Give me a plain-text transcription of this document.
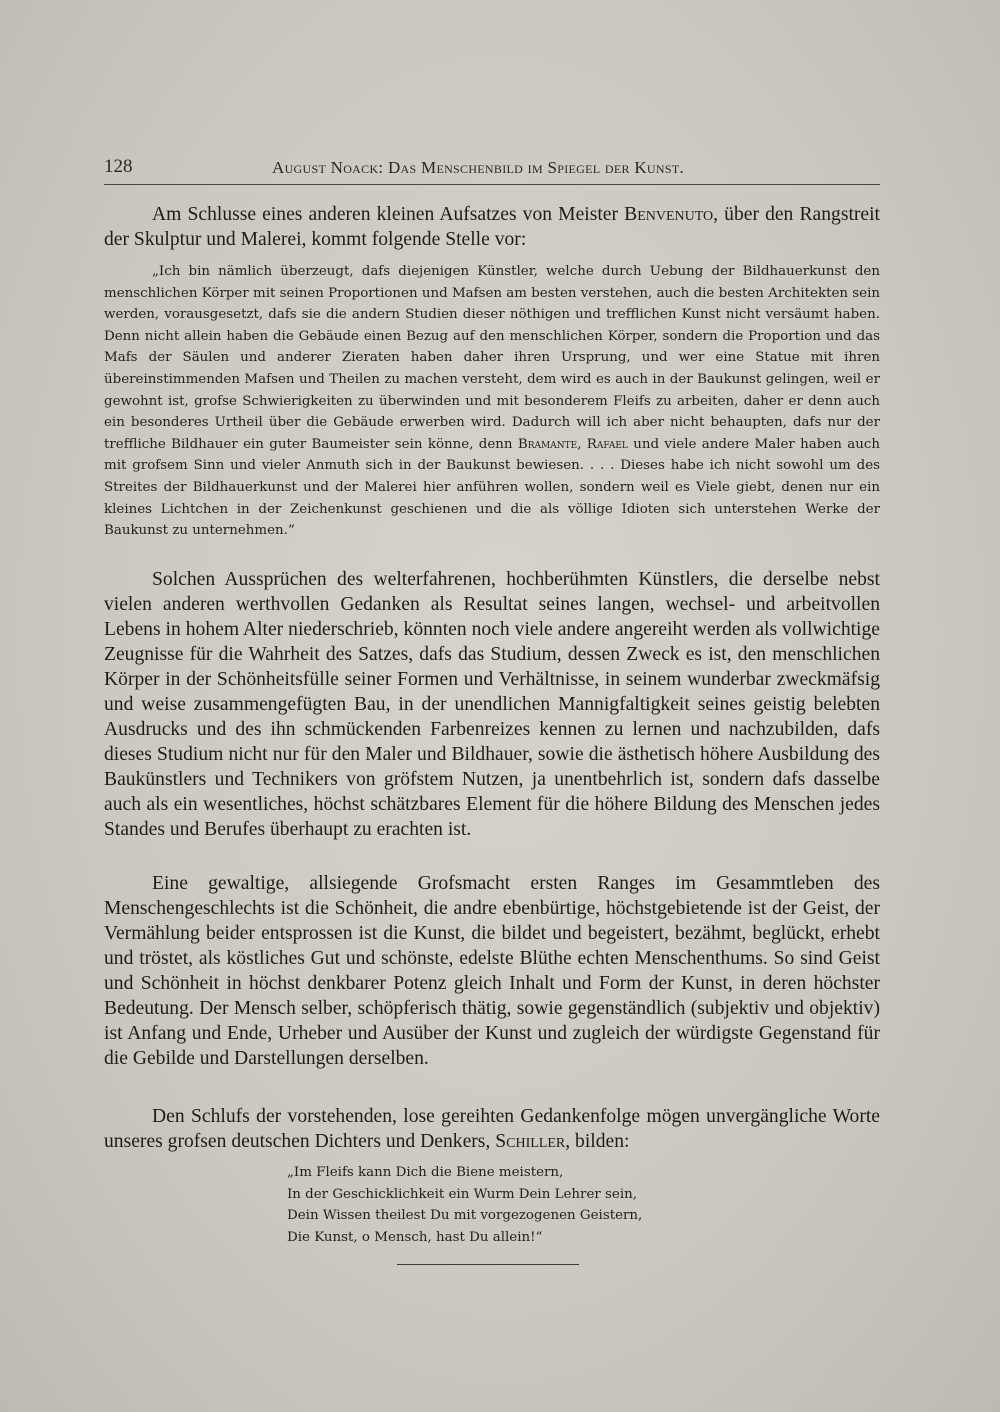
128	August Noack: Das Menschenbild im Spiegel der Kunst.
Am Schlusse eines anderen kleinen Aufsatzes von Meister Benvenuto, über den Rangstreit der Skulptur und Malerei, kommt folgende Stelle vor:
„Ich bin nämlich überzeugt, dafs diejenigen Künstler, welche durch Uebung der Bildhauerkunst den menschlichen Körper mit seinen Proportionen und Mafsen am besten verstehen, auch die besten Architekten sein werden, vorausgesetzt, dafs sie die andern Studien dieser nöthigen und trefflichen Kunst nicht versäumt haben. Denn nicht allein haben die Gebäude einen Bezug auf den menschlichen Körper, sondern die Proportion und das Mafs der Säulen und anderer Zieraten haben daher ihren Ursprung, und wer eine Statue mit ihren übereinstimmenden Mafsen und Theilen zu machen versteht, dem wird es auch in der Baukunst gelingen, weil er gewohnt ist, grofse Schwierigkeiten zu überwinden und mit besonderem Fleifs zu arbeiten, daher er denn auch ein besonderes Urtheil über die Gebäude erwerben wird. Dadurch will ich aber nicht behaupten, dafs nur der treffliche Bildhauer ein guter Baumeister sein könne, denn Bramante, Rafael und viele andere Maler haben auch mit grofsem Sinn und vieler Anmuth sich in der Baukunst bewiesen. . . . Dieses habe ich nicht sowohl um des Streites der Bildhauerkunst und der Malerei hier anführen wollen, sondern weil es Viele giebt, denen nur ein kleines Lichtchen in der Zeichenkunst geschienen und die als völlige Idioten sich unterstehen Werke der Baukunst zu unternehmen.“
Solchen Aussprüchen des welterfahrenen, hochberühmten Künstlers, die derselbe nebst vielen anderen werthvollen Gedanken als Resultat seines langen, wechsel- und arbeitvollen Lebens in hohem Alter niederschrieb, könnten noch viele andere angereiht werden als vollwichtige Zeugnisse für die Wahrheit des Satzes, dafs das Studium, dessen Zweck es ist, den menschlichen Körper in der Schönheitsfülle seiner Formen und Verhältnisse, in seinem wunderbar zweckmäfsig und weise zusammengefügten Bau, in der unendlichen Mannigfaltigkeit seines geistig belebten Ausdrucks und des ihn schmückenden Farbenreizes kennen zu lernen und nachzubilden, dafs dieses Studium nicht nur für den Maler und Bildhauer, sowie die ästhetisch höhere Ausbildung des Baukünstlers und Technikers von gröfstem Nutzen, ja unentbehrlich ist, sondern dafs dasselbe auch als ein wesentliches, höchst schätzbares Element für die höhere Bildung des Menschen jedes Standes und Berufes überhaupt zu erachten ist.
Eine gewaltige, allsiegende Grofsmacht ersten Ranges im Gesammtleben des Menschengeschlechts ist die Schönheit, die andre ebenbürtige, höchstgebietende ist der Geist, der Vermählung beider entsprossen ist die Kunst, die bildet und begeistert, bezähmt, beglückt, erhebt und tröstet, als köstliches Gut und schönste, edelste Blüthe echten Menschenthums. So sind Geist und Schönheit in höchst denkbarer Potenz gleich Inhalt und Form der Kunst, in deren höchster Bedeutung. Der Mensch selber, schöpferisch thätig, sowie gegenständlich (subjektiv und objektiv) ist Anfang und Ende, Urheber und Ausüber der Kunst und zugleich der würdigste Gegenstand für die Gebilde und Darstellungen derselben.
Den Schlufs der vorstehenden, lose gereihten Gedankenfolge mögen unvergängliche Worte unseres grofsen deutschen Dichters und Denkers, Schiller, bilden:
„Im Fleifs kann Dich die Biene meistern,
In der Geschicklichkeit ein Wurm Dein Lehrer sein,
Dein Wissen theilest Du mit vorgezogenen Geistern,
Die Kunst, o Mensch, hast Du allein!“
